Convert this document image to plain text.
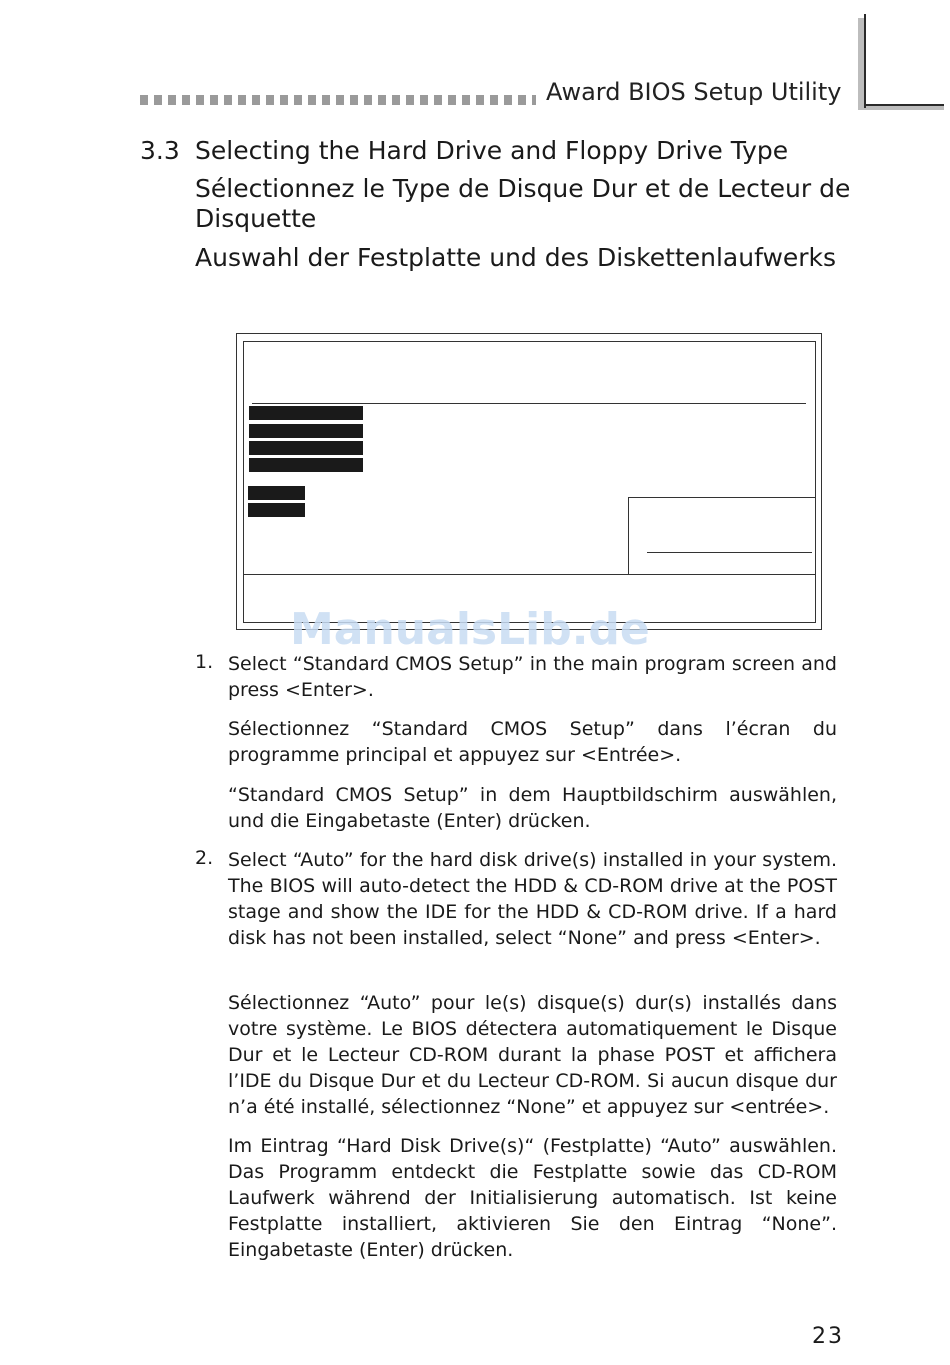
Award BIOS Setup Utility
3.3 Selecting the Hard Drive and Floppy Drive Type
Sélectionnez le Type de Disque Dur et de Lecteur de
Disquette
Auswahl der Festplatte und des Diskettenlaufwerks
ManualsLib.de
1. Select “Standard CMOS Setup” in the main program screen and press <Enter>.

Sélectionnez “Standard CMOS Setup” dans l’écran du programme principal et appuyez sur <Entrée>.

“Standard CMOS Setup” in dem Hauptbildschirm auswählen, und die Eingabetaste (Enter) drücken.

2. Select “Auto” for the hard disk drive(s) installed in your system. The BIOS will auto-detect the HDD & CD-ROM drive at the POST stage and show the IDE for the HDD & CD-ROM drive. If a hard disk has not been installed, select “None” and press <Enter>.

Sélectionnez “Auto” pour le(s) disque(s) dur(s) installés dans votre système. Le BIOS détectera automatiquement le Disque Dur et le Lecteur CD-ROM durant la phase POST et affichera l’IDE du Disque Dur et du Lecteur CD-ROM. Si aucun disque dur n’a été installé, sélectionnez “None” et appuyez sur <entrée>.

Im Eintrag “Hard Disk Drive(s)“ (Festplatte) “Auto” auswählen. Das Programm entdeckt die Festplatte sowie das CD-ROM Laufwerk während der Initialisierung automatisch. Ist keine Festplatte installiert, aktivieren Sie den Eintrag “None”. Eingabetaste (Enter) drücken.

23
